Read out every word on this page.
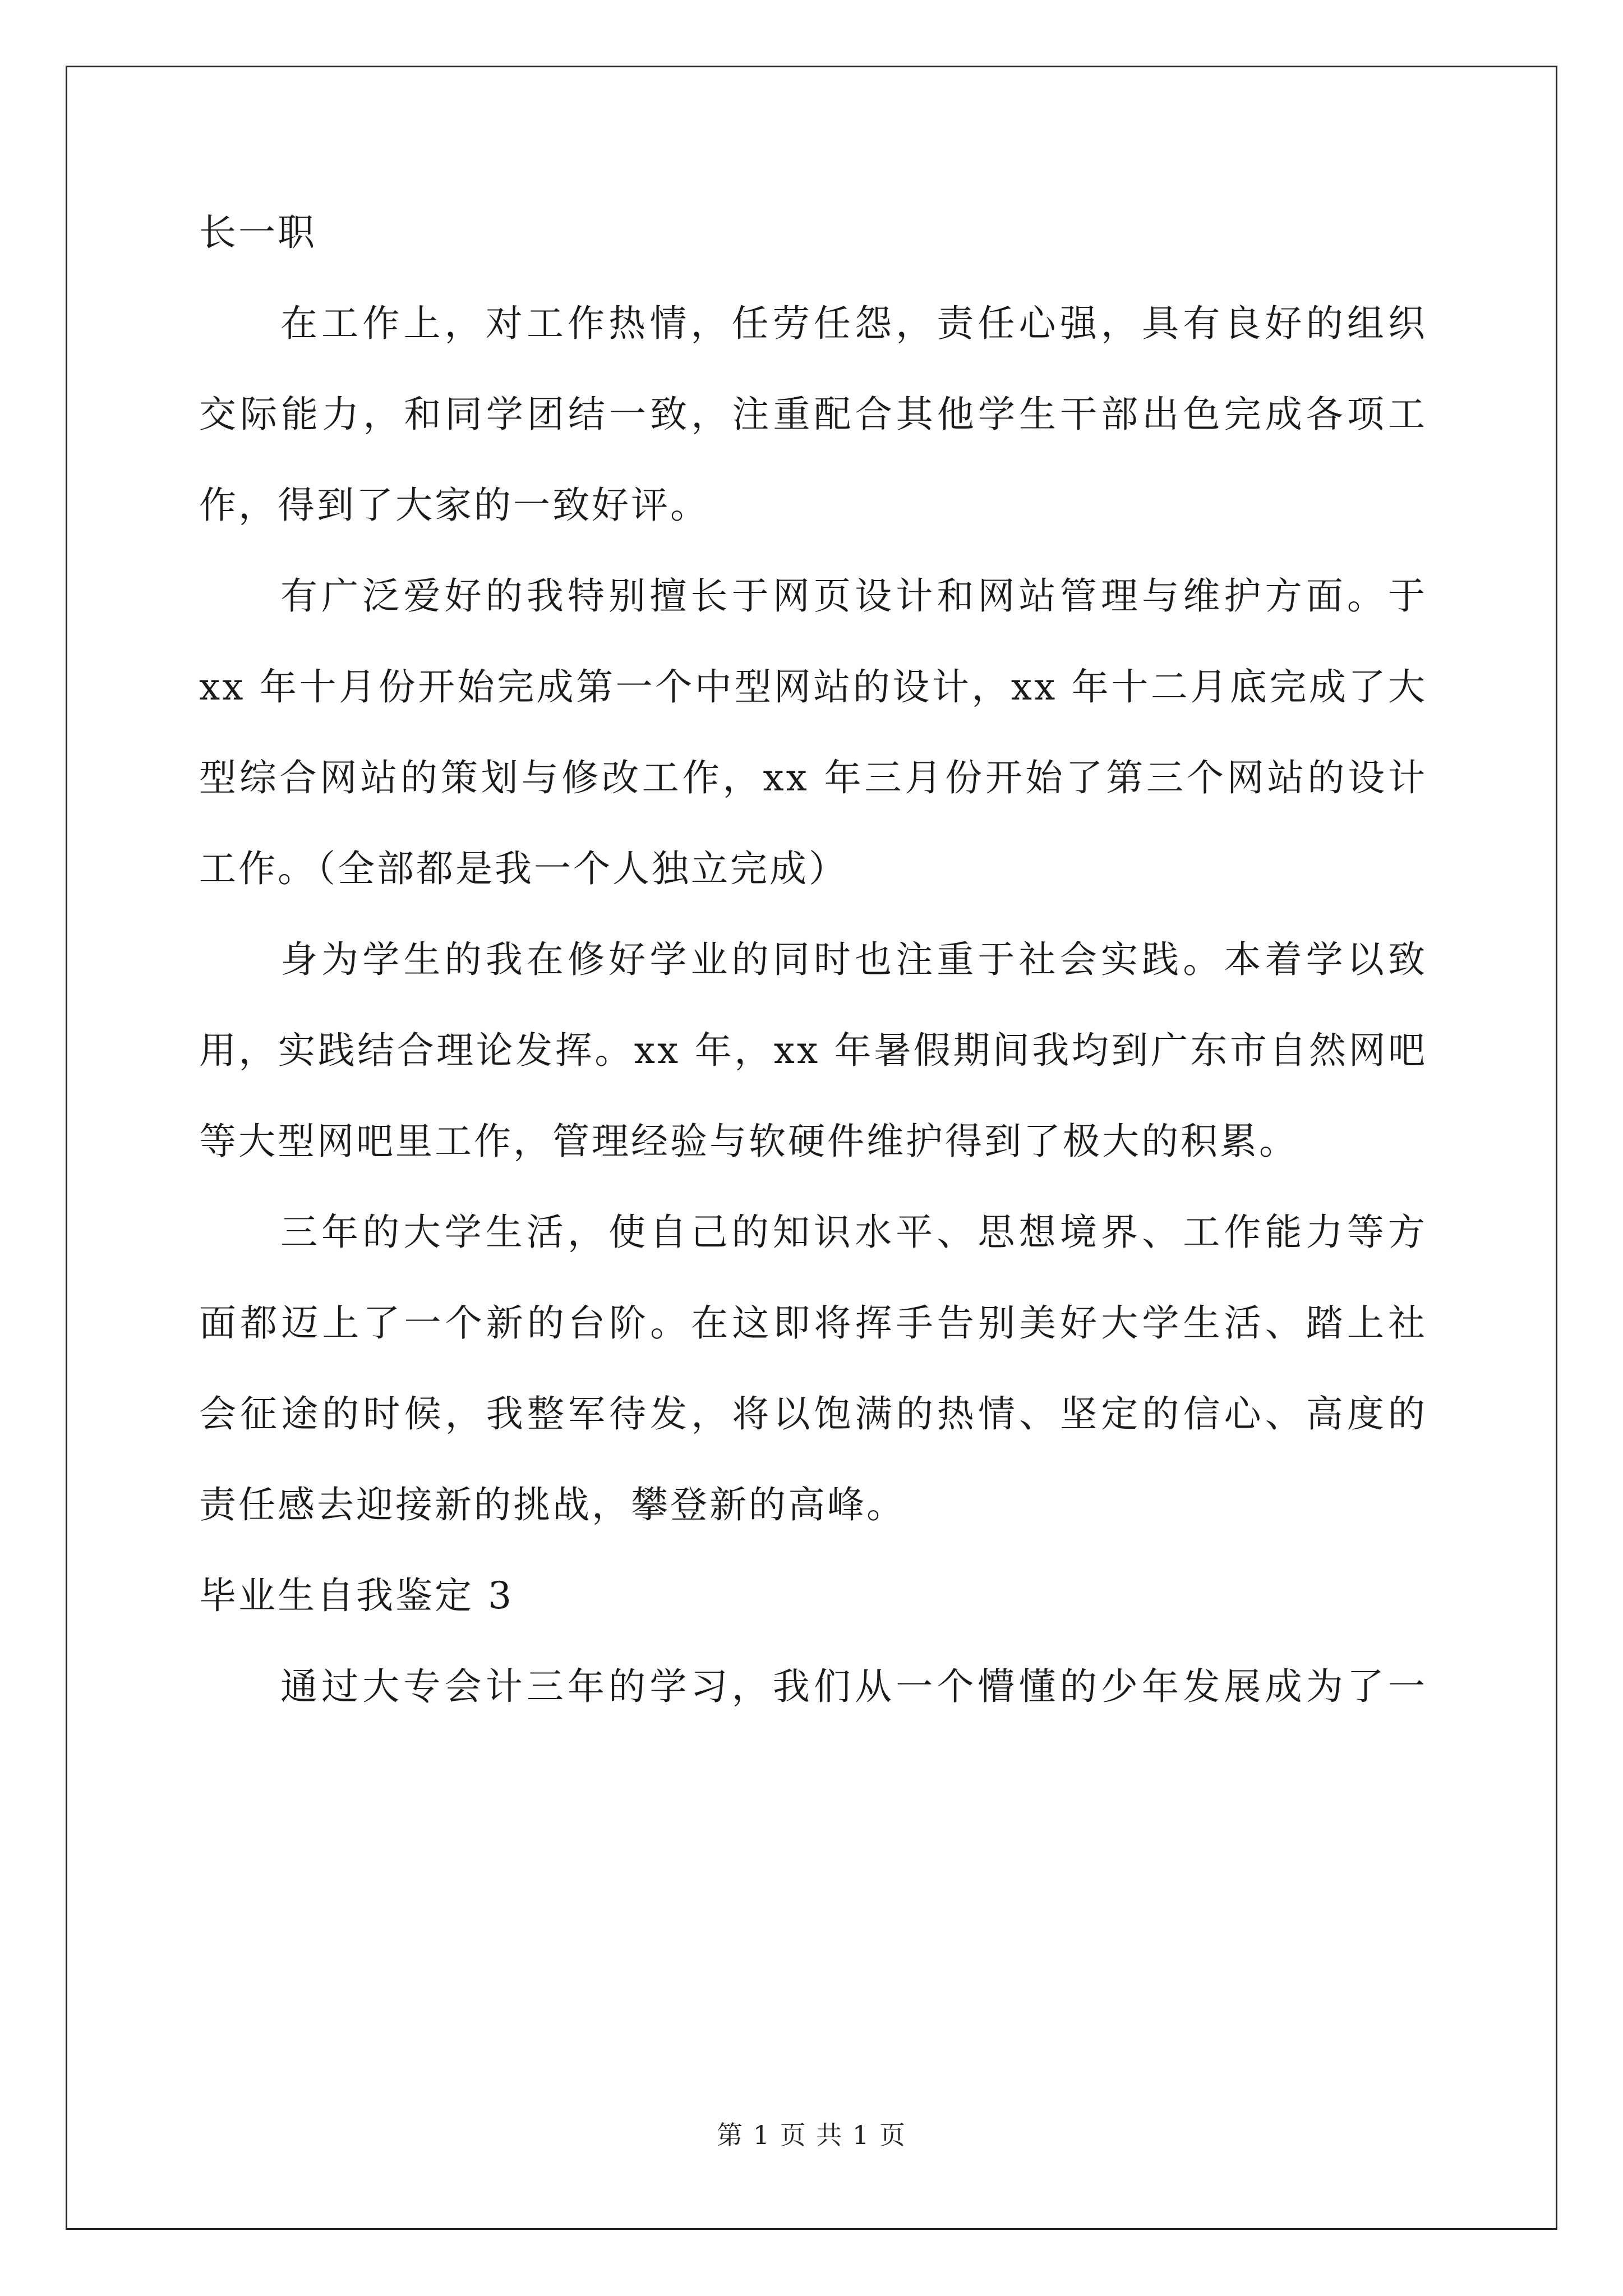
长一职

在工作上，对工作热情，任劳任怨，责任心强，具有良好的组织

交际能力，和同学团结一致，注重配合其他学生干部出色完成各项工

作，得到了大家的一致好评。

有广泛爱好的我特别擅长于网页设计和网站管理与维护方面。于

xx 年十月份开始完成第一个中型网站的设计，xx 年十二月底完成了大

型综合网站的策划与修改工作，xx 年三月份开始了第三个网站的设计

工作。（全部都是我一个人独立完成）

身为学生的我在修好学业的同时也注重于社会实践。本着学以致

用，实践结合理论发挥。xx 年，xx 年暑假期间我均到广东市自然网吧

等大型网吧里工作，管理经验与软硬件维护得到了极大的积累。

三年的大学生活，使自己的知识水平、思想境界、工作能力等方

面都迈上了一个新的台阶。在这即将挥手告别美好大学生活、踏上社

会征途的时候，我整军待发，将以饱满的热情、坚定的信心、高度的

责任感去迎接新的挑战，攀登新的高峰。

毕业生自我鉴定 3

通过大专会计三年的学习，我们从一个懵懂的少年发展成为了一

第 1 页 共 1 页
